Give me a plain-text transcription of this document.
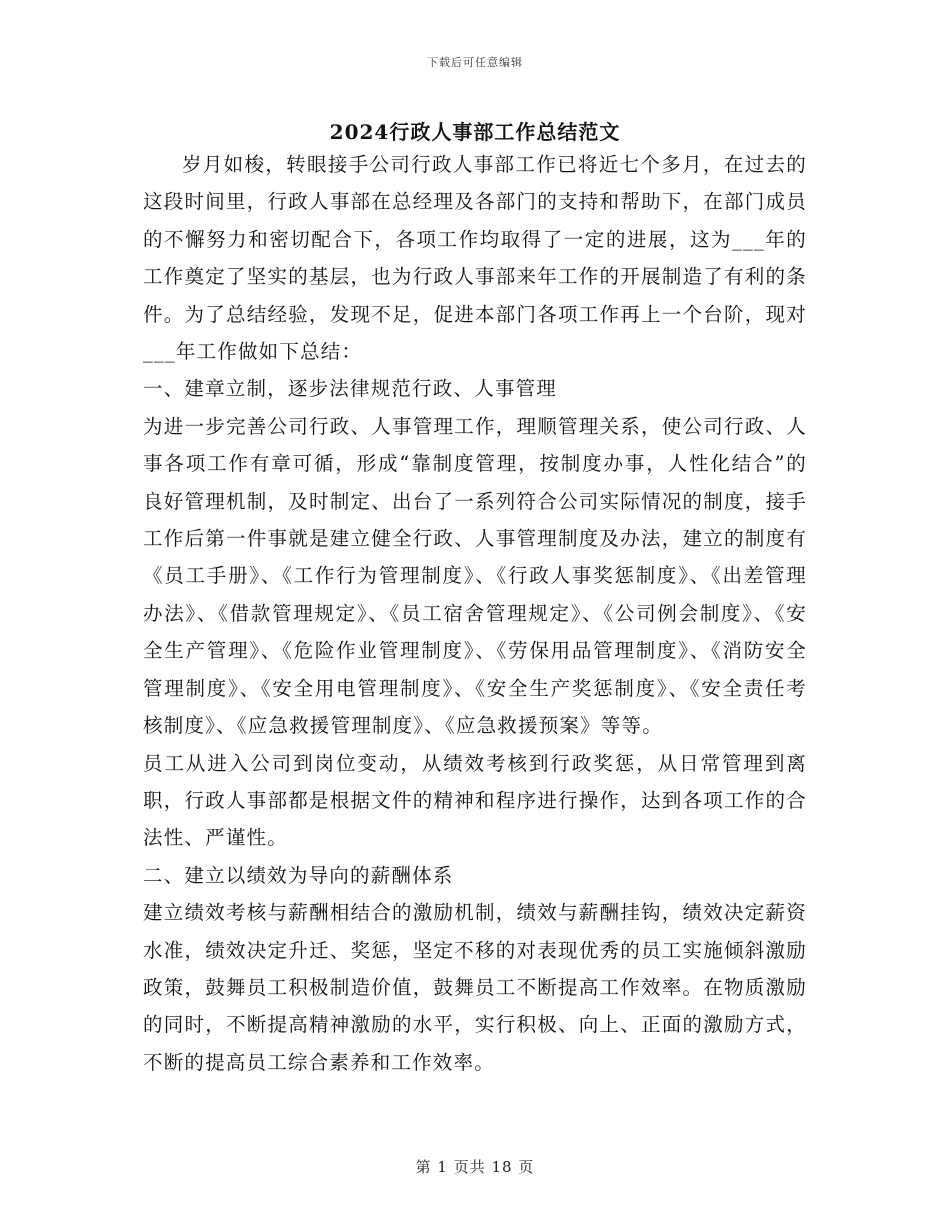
下载后可任意编辑
2024行政人事部工作总结范文

岁月如梭，转眼接手公司行政人事部工作已将近七个多月，在过去的这段时间里，行政人事部在总经理及各部门的支持和帮助下，在部门成员的不懈努力和密切配合下，各项工作均取得了一定的进展，这为___年的工作奠定了坚实的基层，也为行政人事部来年工作的开展制造了有利的条件。为了总结经验，发现不足，促进本部门各项工作再上一个台阶，现对___年工作做如下总结：

一、建章立制，逐步法律规范行政、人事管理

为进一步完善公司行政、人事管理工作，理顺管理关系，使公司行政、人事各项工作有章可循，形成“靠制度管理，按制度办事，人性化结合”的良好管理机制，及时制定、出台了一系列符合公司实际情况的制度，接手工作后第一件事就是建立健全行政、人事管理制度及办法，建立的制度有《员工手册》、《工作行为管理制度》、《行政人事奖惩制度》、《出差管理办法》、《借款管理规定》、《员工宿舍管理规定》、《公司例会制度》、《安全生产管理》、《危险作业管理制度》、《劳保用品管理制度》、《消防安全管理制度》、《安全用电管理制度》、《安全生产奖惩制度》、《安全责任考核制度》、《应急救援管理制度》、《应急救援预案》等等。

员工从进入公司到岗位变动，从绩效考核到行政奖惩，从日常管理到离职，行政人事部都是根据文件的精神和程序进行操作，达到各项工作的合法性、严谨性。

二、建立以绩效为导向的薪酬体系

建立绩效考核与薪酬相结合的激励机制，绩效与薪酬挂钩，绩效决定薪资水准，绩效决定升迁、奖惩，坚定不移的对表现优秀的员工实施倾斜激励政策，鼓舞员工积极制造价值，鼓舞员工不断提高工作效率。在物质激励的同时，不断提高精神激励的水平，实行积极、向上、正面的激励方式，不断的提高员工综合素养和工作效率。

第 1 页共 18 页
